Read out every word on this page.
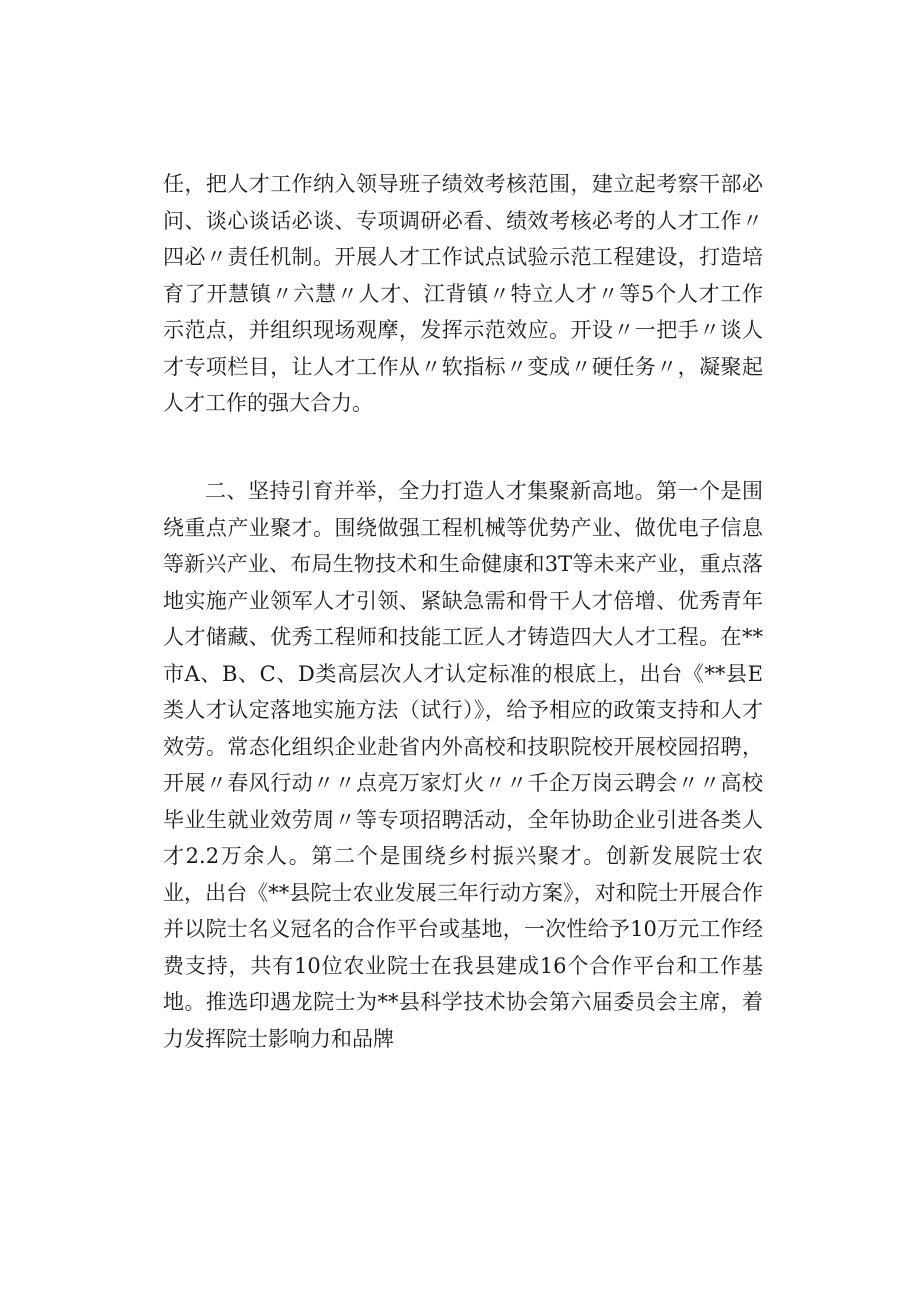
任，把人才工作纳入领导班子绩效考核范围，建立起考察干部必问、谈心谈话必谈、专项调研必看、绩效考核必考的人才工作〃四必〃责任机制。开展人才工作试点试验示范工程建设，打造培育了开慧镇〃六慧〃人才、江背镇〃特立人才〃等5个人才工作示范点，并组织现场观摩，发挥示范效应。开设〃一把手〃谈人才专项栏目，让人才工作从〃软指标〃变成〃硬任务〃，凝聚起人才工作的强大合力。

二、坚持引育并举，全力打造人才集聚新高地。第一个是围绕重点产业聚才。围绕做强工程机械等优势产业、做优电子信息等新兴产业、布局生物技术和生命健康和3T等未来产业，重点落地实施产业领军人才引领、紧缺急需和骨干人才倍增、优秀青年人才储藏、优秀工程师和技能工匠人才铸造四大人才工程。在**市A、B、C、D类高层次人才认定标准的根底上，出台《**县E类人才认定落地实施方法（试行）》，给予相应的政策支持和人才效劳。常态化组织企业赴省内外高校和技职院校开展校园招聘，开展〃春风行动〃〃点亮万家灯火〃〃千企万岗云聘会〃〃高校毕业生就业效劳周〃等专项招聘活动，全年协助企业引进各类人才2.2万余人。第二个是围绕乡村振兴聚才。创新发展院士农业，出台《**县院士农业发展三年行动方案》，对和院士开展合作并以院士名义冠名的合作平台或基地，一次性给予10万元工作经费支持，共有10位农业院士在我县建成16个合作平台和工作基地。推选印遇龙院士为**县科学技术协会第六届委员会主席，着力发挥院士影响力和品牌
